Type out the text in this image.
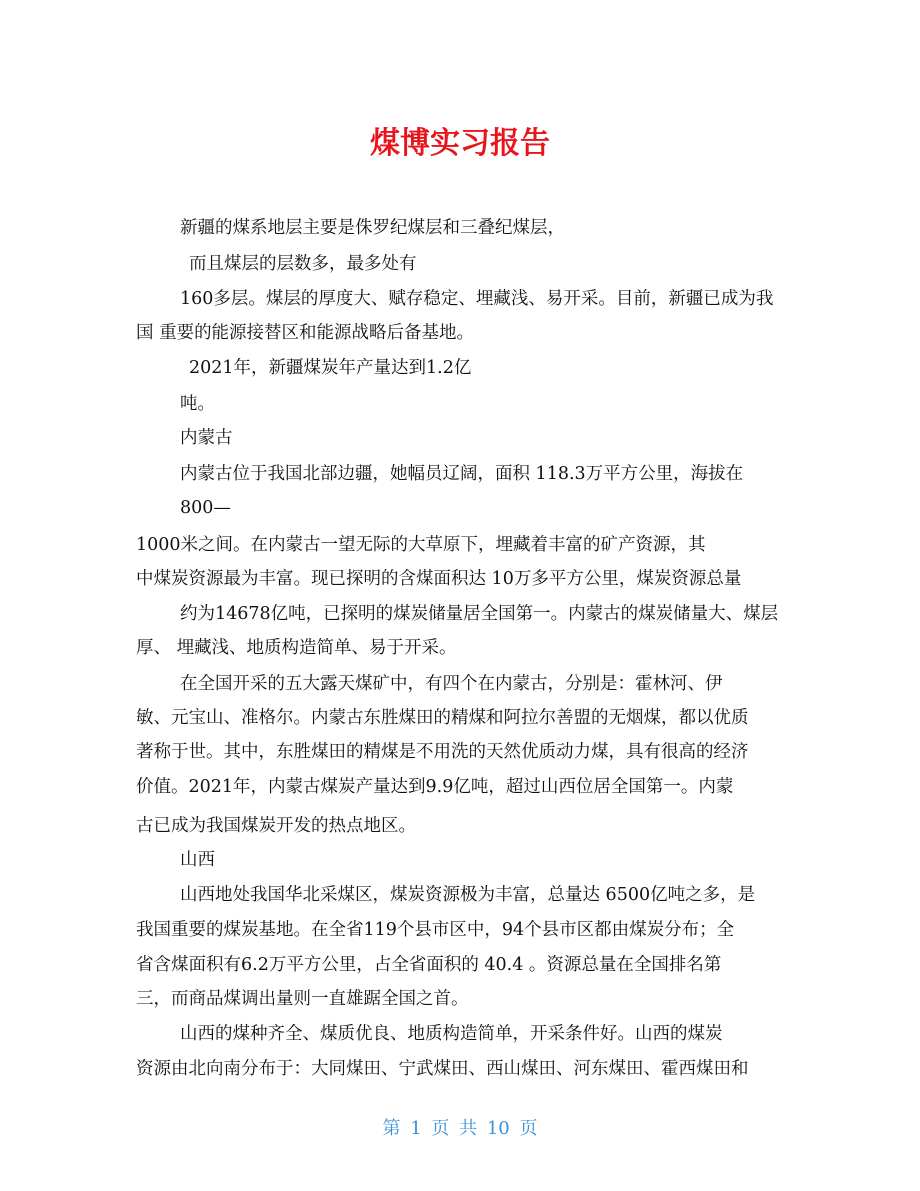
煤博实习报告
新疆的煤系地层主要是侏罗纪煤层和三叠纪煤层，
而且煤层的层数多，最多处有
160多层。煤层的厚度大、赋存稳定、埋藏浅、易开采。目前，新疆已成为我
国 重要的能源接替区和能源战略后备基地。
2021年，新疆煤炭年产量达到1.2亿
吨。
内蒙古
内蒙古位于我国北部边疆，她幅员辽阔，面积 118.3万平方公里，海拔在
800—
1000米之间。在内蒙古一望无际的大草原下，埋藏着丰富的矿产资源，其
中煤炭资源最为丰富。现已探明的含煤面积达 10万多平方公里，煤炭资源总量
约为14678亿吨，已探明的煤炭储量居全国第一。内蒙古的煤炭储量大、煤层
厚、 埋藏浅、地质构造简单、易于开采。
在全国开采的五大露天煤矿中，有四个在内蒙古，分别是：霍林河、伊
敏、元宝山、准格尔。内蒙古东胜煤田的精煤和阿拉尔善盟的无烟煤，都以优质
著称于世。其中，东胜煤田的精煤是不用洗的天然优质动力煤，具有很高的经济
价值。2021年，内蒙古煤炭产量达到9.9亿吨，超过山西位居全国第一。内蒙
古已成为我国煤炭开发的热点地区。
山西
山西地处我国华北采煤区，煤炭资源极为丰富，总量达 6500亿吨之多，是
我国重要的煤炭基地。在全省119个县市区中，94个县市区都由煤炭分布；全
省含煤面积有6.2万平方公里，占全省面积的 40.4 。资源总量在全国排名第
三，而商品煤调出量则一直雄踞全国之首。
山西的煤种齐全、煤质优良、地质构造简单，开采条件好。山西的煤炭
资源由北向南分布于：大同煤田、宁武煤田、西山煤田、河东煤田、霍西煤田和
第 1 页 共 10 页
